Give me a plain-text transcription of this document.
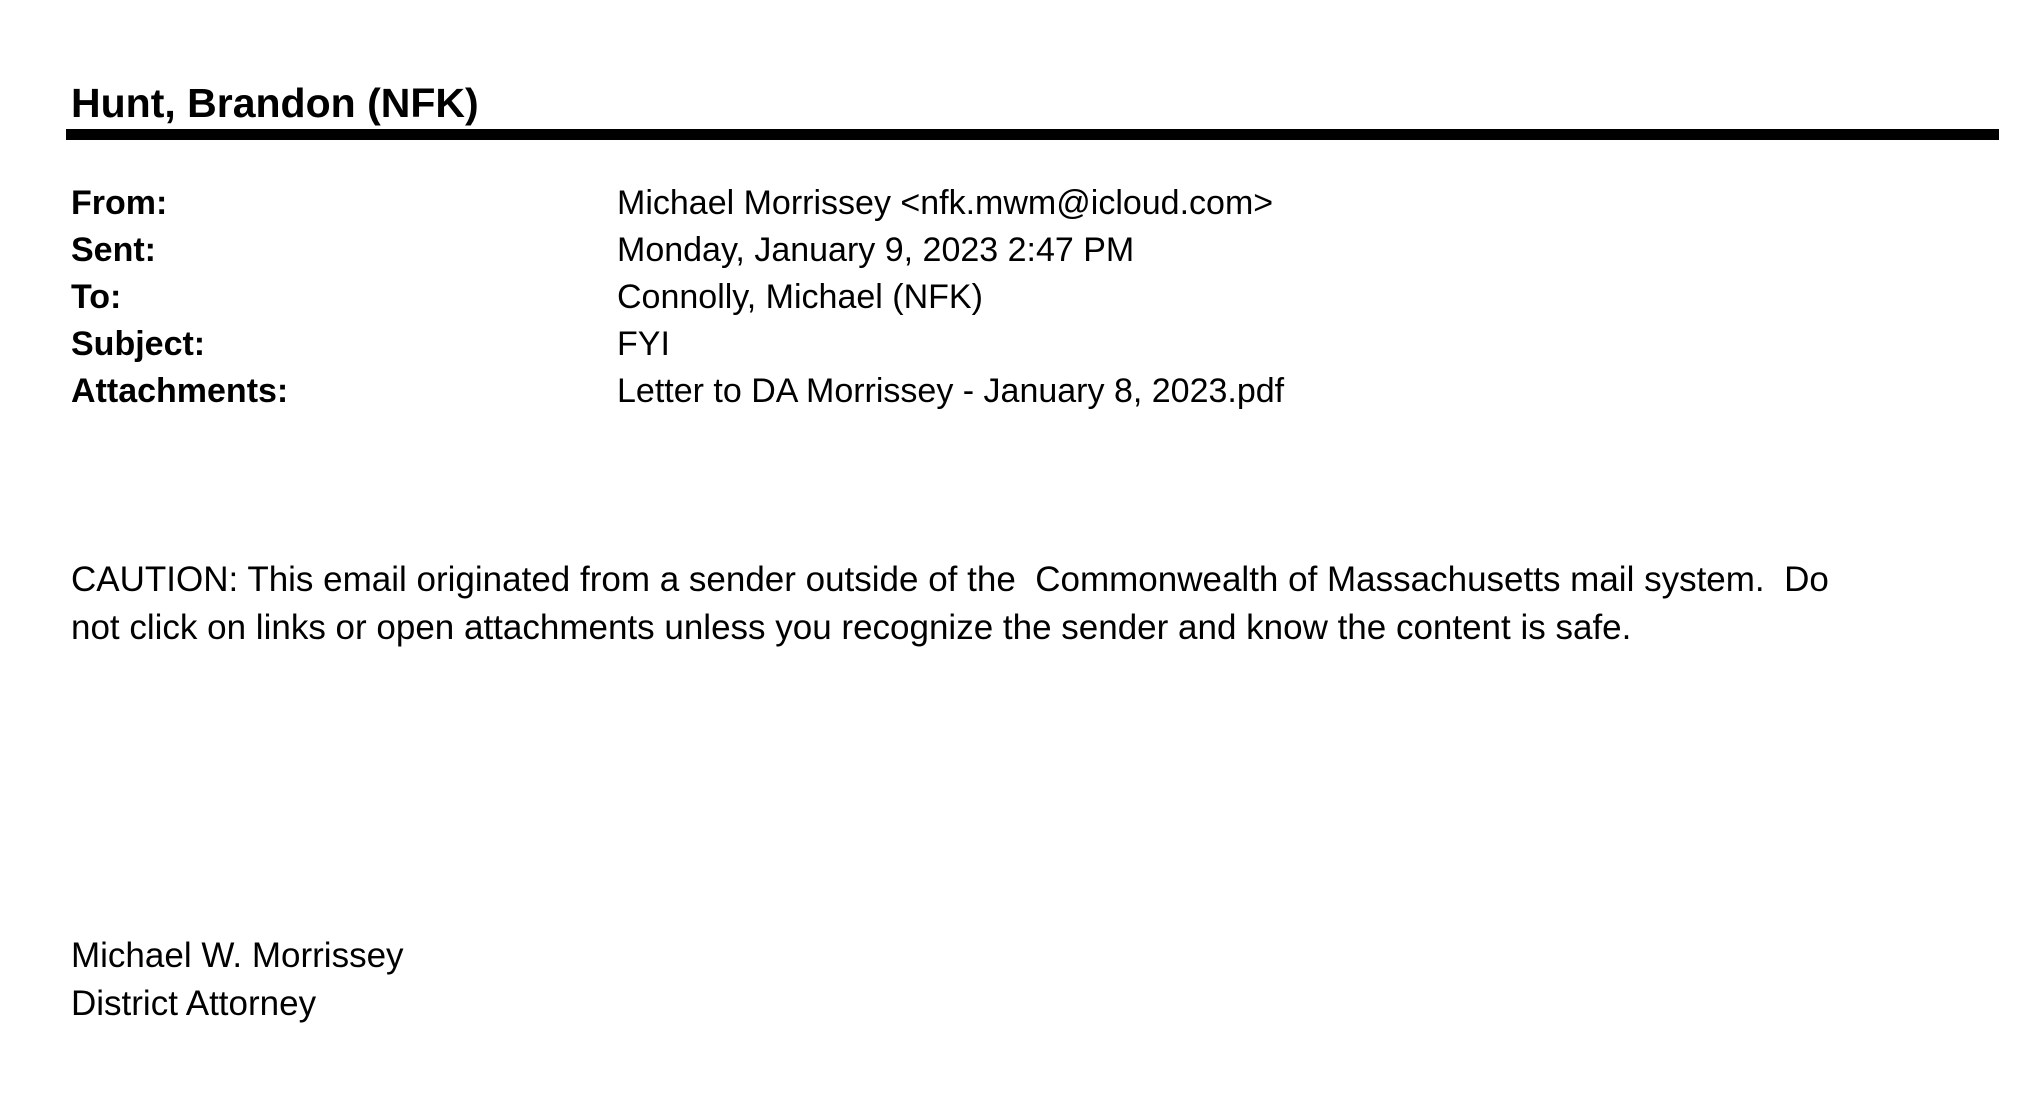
Hunt, Brandon (NFK)
From:	Michael Morrissey <nfk.mwm@icloud.com>
Sent:	Monday, January 9, 2023 2:47 PM
To:	Connolly, Michael (NFK)
Subject:	FYI
Attachments:	Letter to DA Morrissey - January 8, 2023.pdf
CAUTION: This email originated from a sender outside of the  Commonwealth of Massachusetts mail system.  Do
not click on links or open attachments unless you recognize the sender and know the content is safe.
Michael W. Morrissey
District Attorney
